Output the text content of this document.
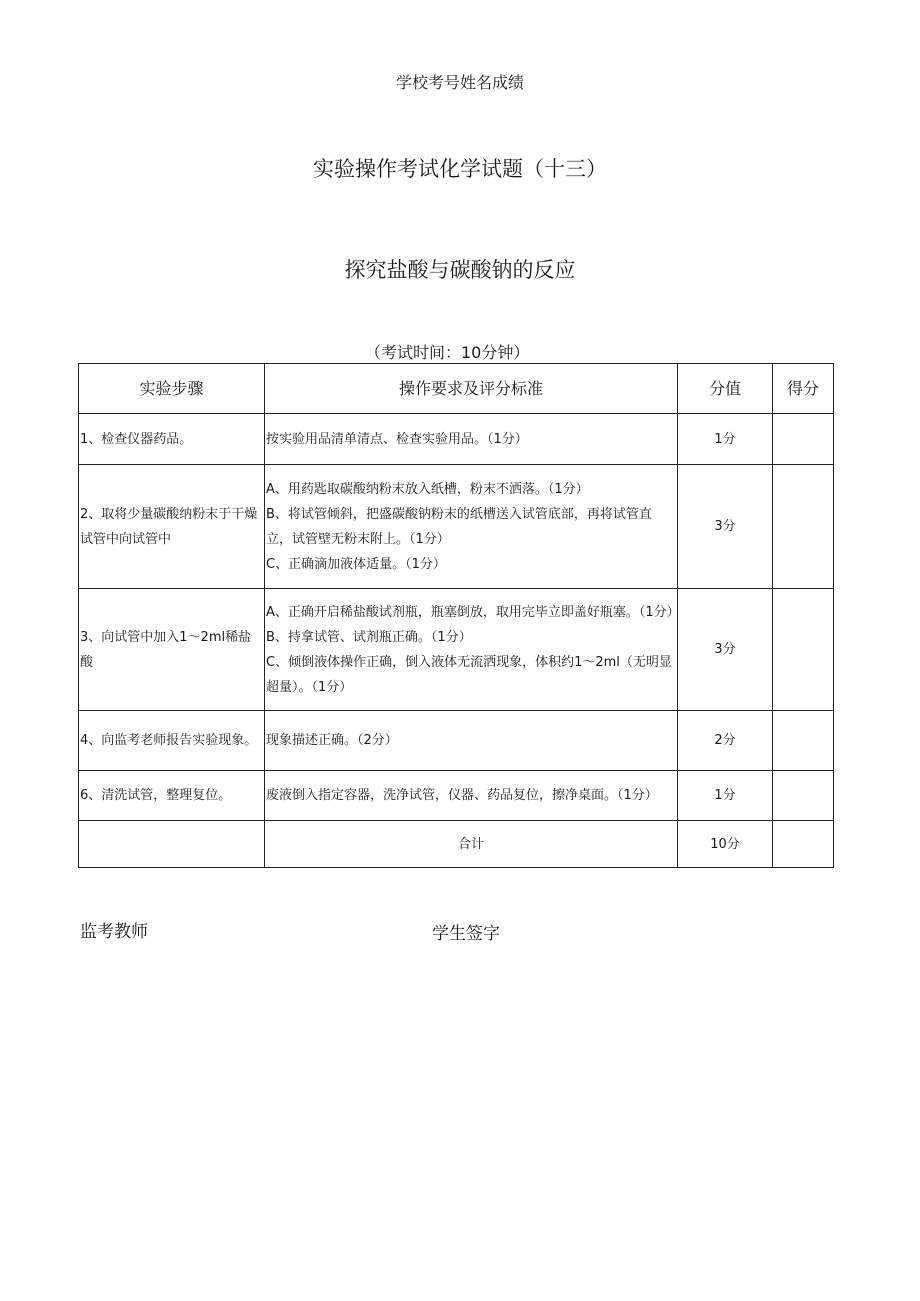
学校考号姓名成绩
实验操作考试化学试题（十三）
探究盐酸与碳酸钠的反应
（考试时间：10分钟）
实验步骤	操作要求及评分标准	分值	得分
1、检查仪器药品。	按实验用品清单清点、检查实验用品。（1分）	1分	
2、取将少量碳酸纳粉末于干燥试管中向试管中	A、用药匙取碳酸纳粉末放入纸槽，粉末不洒落。（1分）
B、将试管倾斜，把盛碳酸钠粉末的纸槽送入试管底部，再将试管直立，试管壁无粉末附上。（1分）
C、正确滴加液体适量。（1分）	3分	
3、向试管中加入1～2ml稀盐酸	A、正确开启稀盐酸试剂瓶，瓶塞倒放，取用完毕立即盖好瓶塞。（1分）
B、持拿试管、试剂瓶正确。（1分）
C、倾倒液体操作正确，倒入液体无流洒现象，体积约1～2ml（无明显超量）。（1分）	3分	
4、向监考老师报告实验现象。	现象描述正确。（2分）	2分	
6、清洗试管，整理复位。	废液倒入指定容器，洗净试管，仪器、药品复位，擦净桌面。（1分）	1分	
	合计	10分	
监考教师	学生签字
